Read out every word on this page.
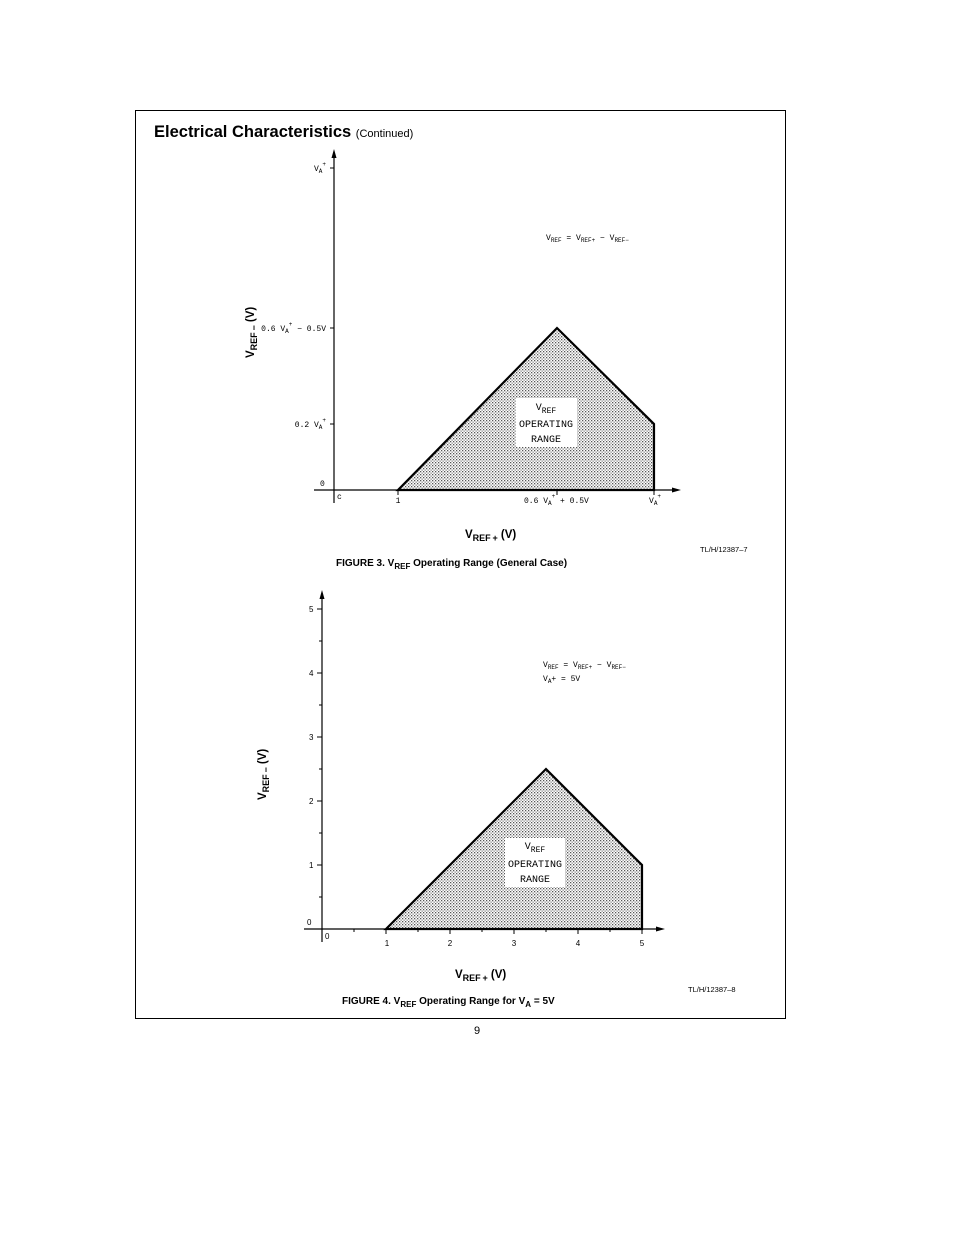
$V_A^+$
0.6 $V_A^+ - 0.5V$
0.2 $V_A^+$
0
c	1	0.6 $V_A^+ + 0.5V$	$V_A^+$
$V_{REF} = V_{REF+} - V_{REF-}$
$V_{REF}$
OPERATING
RANGE
$V_{REF -}$ (V)
$V_{REF +}$ (V)
TL/H/12387–7
FIGURE 3. $V_{REF}$ Operating Range (General Case)
0
1
2
3
4
5
0
1	2	3	4	5
$V_{REF} = V_{REF+} - V_{REF-}$
$V_A+ = 5V$
$V_{REF}$
OPERATING
RANGE
$V_{REF -}$ (V)
$V_{REF +}$ (V)
TL/H/12387–8
FIGURE 4. $V_{REF}$ Operating Range for $V_A = 5V$
Electrical Characteristics (Continued)
9
